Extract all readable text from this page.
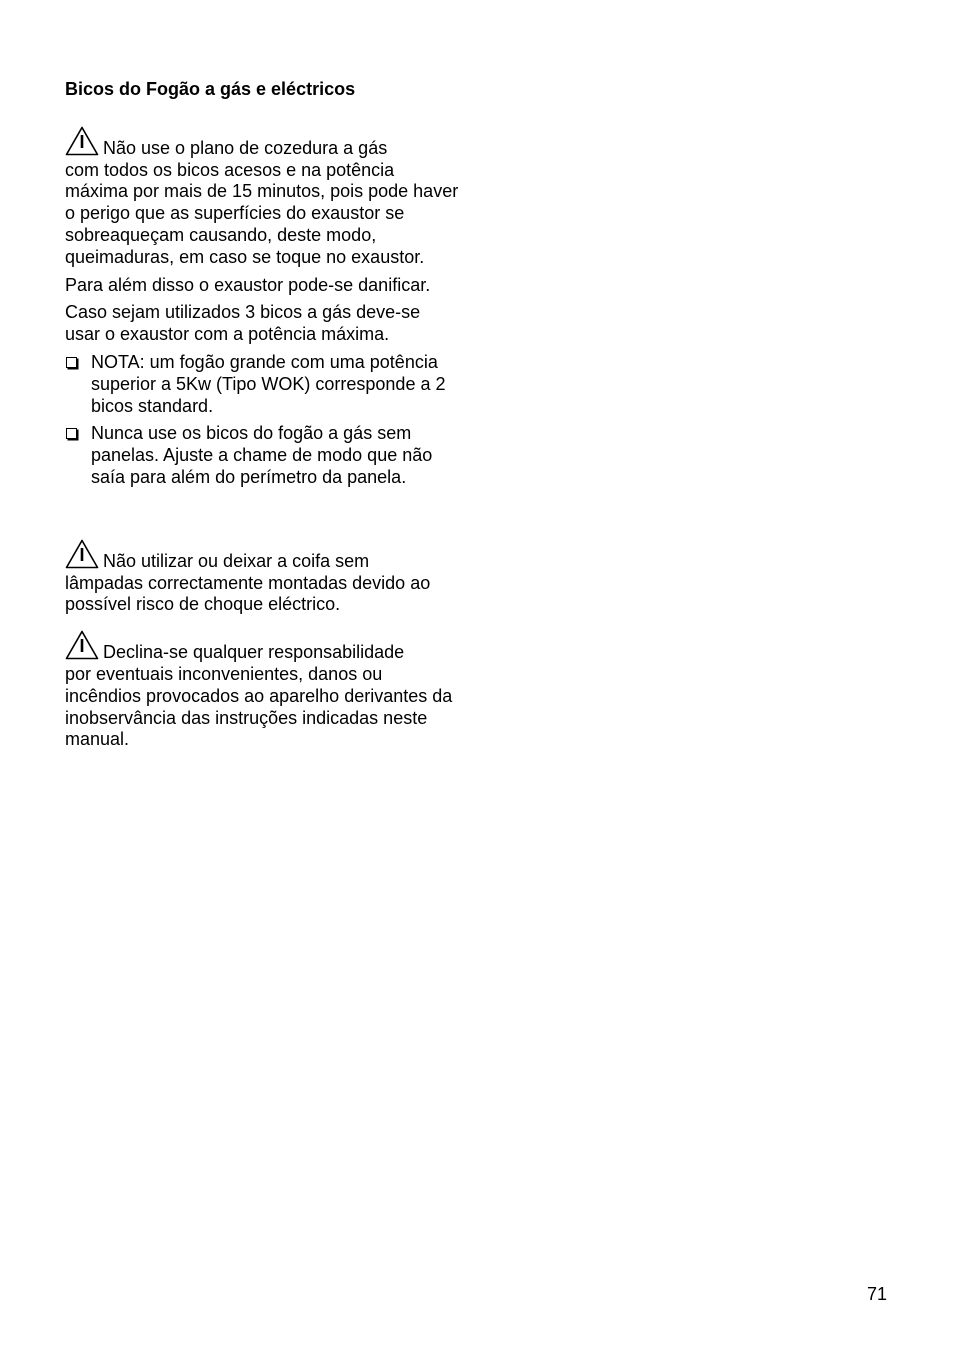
Bicos do Fogão a gás e eléctricos

Não use o plano de cozedura a gás
com todos os bicos acesos e na potência máxima por mais de 15 minutos, pois pode haver o perigo que as superfícies do exaustor se sobreaqueçam causando, deste modo, queimaduras, em caso se toque no exaustor.

Para além disso o exaustor pode-se danificar.

Caso sejam utilizados 3 bicos a gás deve-se usar o exaustor com a potência máxima.

NOTA: um fogão grande com uma potência superior a 5Kw (Tipo WOK) corresponde a 2 bicos standard.
Nunca use os bicos do fogão a gás sem panelas. Ajuste a chame de modo que não saía para além do perímetro da panela.

Não utilizar ou deixar a coifa sem
lâmpadas correctamente montadas devido ao possível risco de choque eléctrico.

Declina-se qualquer responsabilidade
por eventuais inconvenientes, danos ou incêndios provocados ao aparelho derivantes da inobservância das instruções indicadas neste manual.

71
